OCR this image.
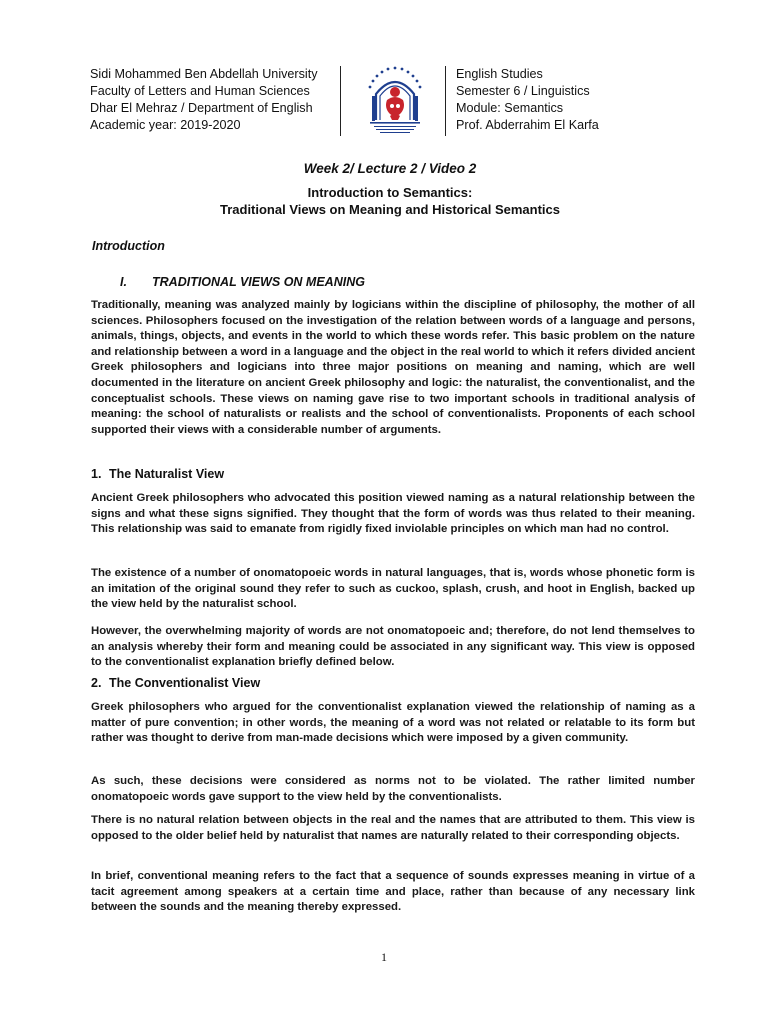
Sidi Mohammed Ben Abdellah University
Faculty of Letters and Human Sciences
Dhar El Mehraz / Department of English
Academic year: 2019-2020
English Studies
Semester 6 / Linguistics
Module: Semantics
Prof. Abderrahim El Karfa
Week 2/ Lecture 2 / Video 2
Introduction to Semantics:
Traditional Views on Meaning and Historical Semantics
Introduction
I. TRADITIONAL VIEWS ON MEANING
Traditionally, meaning was analyzed mainly by logicians within the discipline of philosophy, the mother of all sciences. Philosophers focused on the investigation of the relation between words of a language and persons, animals, things, objects, and events in the world to which these words refer. This basic problem on the nature and relationship between a word in a language and the object in the real world to which it refers divided ancient Greek philosophers and logicians into three major positions on meaning and naming, which are well documented in the literature on ancient Greek philosophy and logic: the naturalist, the conventionalist, and the conceptualist schools. These views on naming gave rise to two important schools in traditional analysis of meaning: the school of naturalists or realists and the school of conventionalists. Proponents of each school supported their views with a considerable number of arguments.
1. The Naturalist View
Ancient Greek philosophers who advocated this position viewed naming as a natural relationship between the signs and what these signs signified. They thought that the form of words was thus related to their meaning. This relationship was said to emanate from rigidly fixed inviolable principles on which man had no control.
The existence of a number of onomatopoeic words in natural languages, that is, words whose phonetic form is an imitation of the original sound they refer to such as cuckoo, splash, crush, and hoot in English, backed up the view held by the naturalist school.
However, the overwhelming majority of words are not onomatopoeic and; therefore, do not lend themselves to an analysis whereby their form and meaning could be associated in any significant way. This view is opposed to the conventionalist explanation briefly defined below.
2. The Conventionalist View
Greek philosophers who argued for the conventionalist explanation viewed the relationship of naming as a matter of pure convention; in other words, the meaning of a word was not related or relatable to its form but rather was thought to derive from man-made decisions which were imposed by a given community.
As such, these decisions were considered as norms not to be violated. The rather limited number onomatopoeic words gave support to the view held by the conventionalists.
There is no natural relation between objects in the real and the names that are attributed to them. This view is opposed to the older belief held by naturalist that names are naturally related to their corresponding objects.
In brief, conventional meaning refers to the fact that a sequence of sounds expresses meaning in virtue of a tacit agreement among speakers at a certain time and place, rather than because of any necessary link between the sounds and the meaning thereby expressed.
1
